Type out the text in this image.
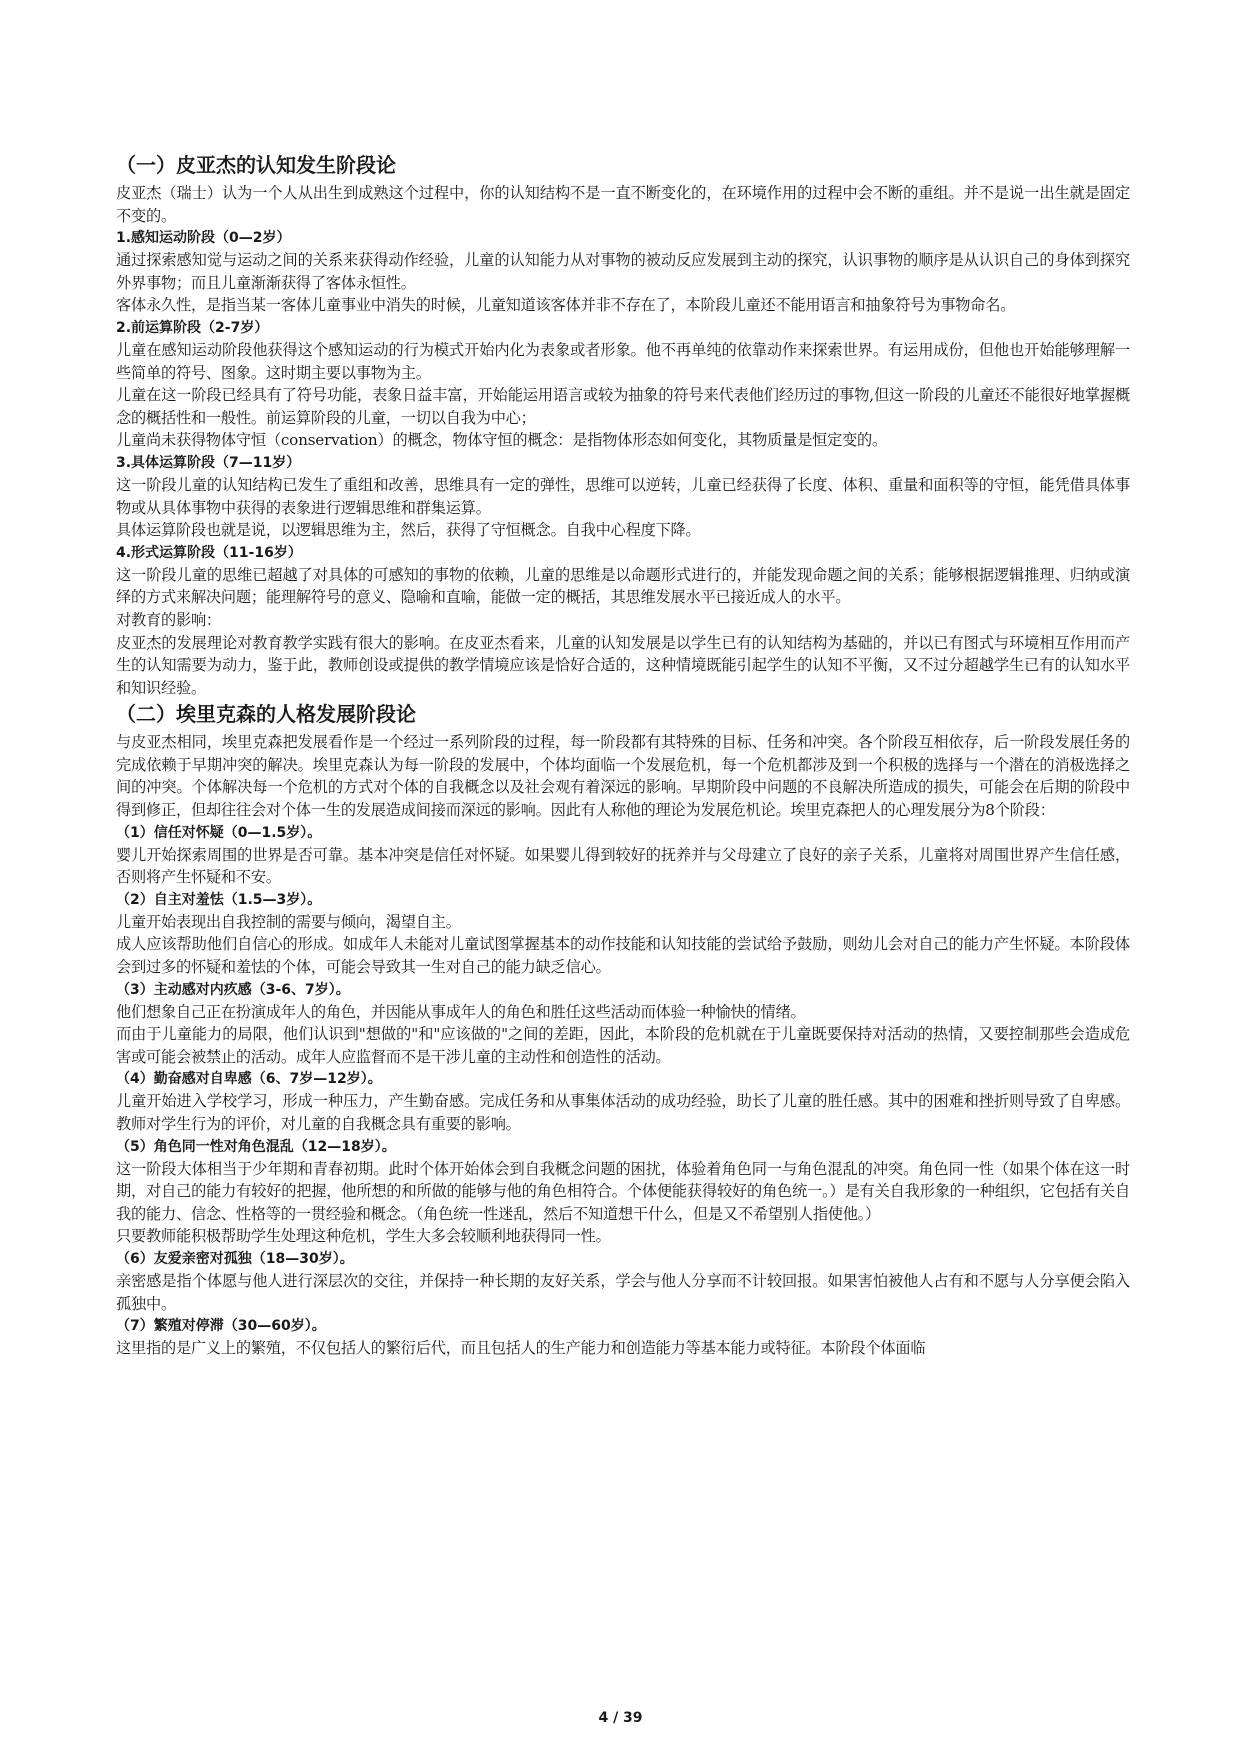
（一）皮亚杰的认知发生阶段论

皮亚杰（瑞士）认为一个人从出生到成熟这个过程中，你的认知结构不是一直不断变化的，在环境作用的过程中会不断的重组。并不是说一出生就是固定不变的。

1.感知运动阶段（0—2岁）

通过探索感知觉与运动之间的关系来获得动作经验，儿童的认知能力从对事物的被动反应发展到主动的探究，认识事物的顺序是从认识自己的身体到探究外界事物；而且儿童渐渐获得了客体永恒性。

客体永久性，是指当某一客体儿童事业中消失的时候，儿童知道该客体并非不存在了，本阶段儿童还不能用语言和抽象符号为事物命名。

2.前运算阶段（2-7岁）

儿童在感知运动阶段他获得这个感知运动的行为模式开始内化为表象或者形象。他不再单纯的依靠动作来探索世界。有运用成份，但他也开始能够理解一些简单的符号、图象。这时期主要以事物为主。

儿童在这一阶段已经具有了符号功能，表象日益丰富，开始能运用语言或较为抽象的符号来代表他们经历过的事物,但这一阶段的儿童还不能很好地掌握概念的概括性和一般性。前运算阶段的儿童，一切以自我为中心；

儿童尚未获得物体守恒（conservation）的概念，物体守恒的概念：是指物体形态如何变化，其物质量是恒定变的。

3.具体运算阶段（7—11岁）

这一阶段儿童的认知结构已发生了重组和改善，思维具有一定的弹性，思维可以逆转，儿童已经获得了长度、体积、重量和面积等的守恒，能凭借具体事物或从具体事物中获得的表象进行逻辑思维和群集运算。

具体运算阶段也就是说，以逻辑思维为主，然后，获得了守恒概念。自我中心程度下降。

4.形式运算阶段（11-16岁）

这一阶段儿童的思维已超越了对具体的可感知的事物的依赖，儿童的思维是以命题形式进行的，并能发现命题之间的关系；能够根据逻辑推理、归纳或演绎的方式来解决问题；能理解符号的意义、隐喻和直喻，能做一定的概括，其思维发展水平已接近成人的水平。

对教育的影响：

皮亚杰的发展理论对教育教学实践有很大的影响。在皮亚杰看来，儿童的认知发展是以学生已有的认知结构为基础的，并以已有图式与环境相互作用而产生的认知需要为动力，鉴于此，教师创设或提供的教学情境应该是恰好合适的，这种情境既能引起学生的认知不平衡，又不过分超越学生已有的认知水平和知识经验。

（二）埃里克森的人格发展阶段论

与皮亚杰相同，埃里克森把发展看作是一个经过一系列阶段的过程，每一阶段都有其特殊的目标、任务和冲突。各个阶段互相依存，后一阶段发展任务的完成依赖于早期冲突的解决。埃里克森认为每一阶段的发展中，个体均面临一个发展危机，每一个危机都涉及到一个积极的选择与一个潜在的消极选择之间的冲突。个体解决每一个危机的方式对个体的自我概念以及社会观有着深远的影响。早期阶段中问题的不良解决所造成的损失，可能会在后期的阶段中得到修正，但却往往会对个体一生的发展造成间接而深远的影响。因此有人称他的理论为发展危机论。埃里克森把人的心理发展分为8个阶段：

（1）信任对怀疑（0—1.5岁）。

婴儿开始探索周围的世界是否可靠。基本冲突是信任对怀疑。如果婴儿得到较好的抚养并与父母建立了良好的亲子关系，儿童将对周围世界产生信任感，否则将产生怀疑和不安。

（2）自主对羞怯（1.5—3岁）。

儿童开始表现出自我控制的需要与倾向，渴望自主。

成人应该帮助他们自信心的形成。如成年人未能对儿童试图掌握基本的动作技能和认知技能的尝试给予鼓励，则幼儿会对自己的能力产生怀疑。本阶段体会到过多的怀疑和羞怯的个体，可能会导致其一生对自己的能力缺乏信心。

（3）主动感对内疚感（3-6、7岁）。

他们想象自己正在扮演成年人的角色，并因能从事成年人的角色和胜任这些活动而体验一种愉快的情绪。

而由于儿童能力的局限，他们认识到"想做的"和"应该做的"之间的差距，因此，本阶段的危机就在于儿童既要保持对活动的热情，又要控制那些会造成危害或可能会被禁止的活动。成年人应监督而不是干涉儿童的主动性和创造性的活动。

（4）勤奋感对自卑感（6、7岁—12岁）。

儿童开始进入学校学习，形成一种压力，产生勤奋感。完成任务和从事集体活动的成功经验，助长了儿童的胜任感。其中的困难和挫折则导致了自卑感。教师对学生行为的评价，对儿童的自我概念具有重要的影响。

（5）角色同一性对角色混乱（12—18岁）。

这一阶段大体相当于少年期和青春初期。此时个体开始体会到自我概念问题的困扰，体验着角色同一与角色混乱的冲突。角色同一性（如果个体在这一时期，对自己的能力有较好的把握，他所想的和所做的能够与他的角色相符合。个体便能获得较好的角色统一。）是有关自我形象的一种组织，它包括有关自我的能力、信念、性格等的一贯经验和概念。（角色统一性迷乱，然后不知道想干什么，但是又不希望别人指使他。）

只要教师能积极帮助学生处理这种危机，学生大多会较顺利地获得同一性。

（6）友爱亲密对孤独（18—30岁）。

亲密感是指个体愿与他人进行深层次的交往，并保持一种长期的友好关系，学会与他人分享而不计较回报。如果害怕被他人占有和不愿与人分享便会陷入孤独中。

（7）繁殖对停滞（30—60岁）。

这里指的是广义上的繁殖，不仅包括人的繁衍后代，而且包括人的生产能力和创造能力等基本能力或特征。本阶段个体面临

4 / 39
